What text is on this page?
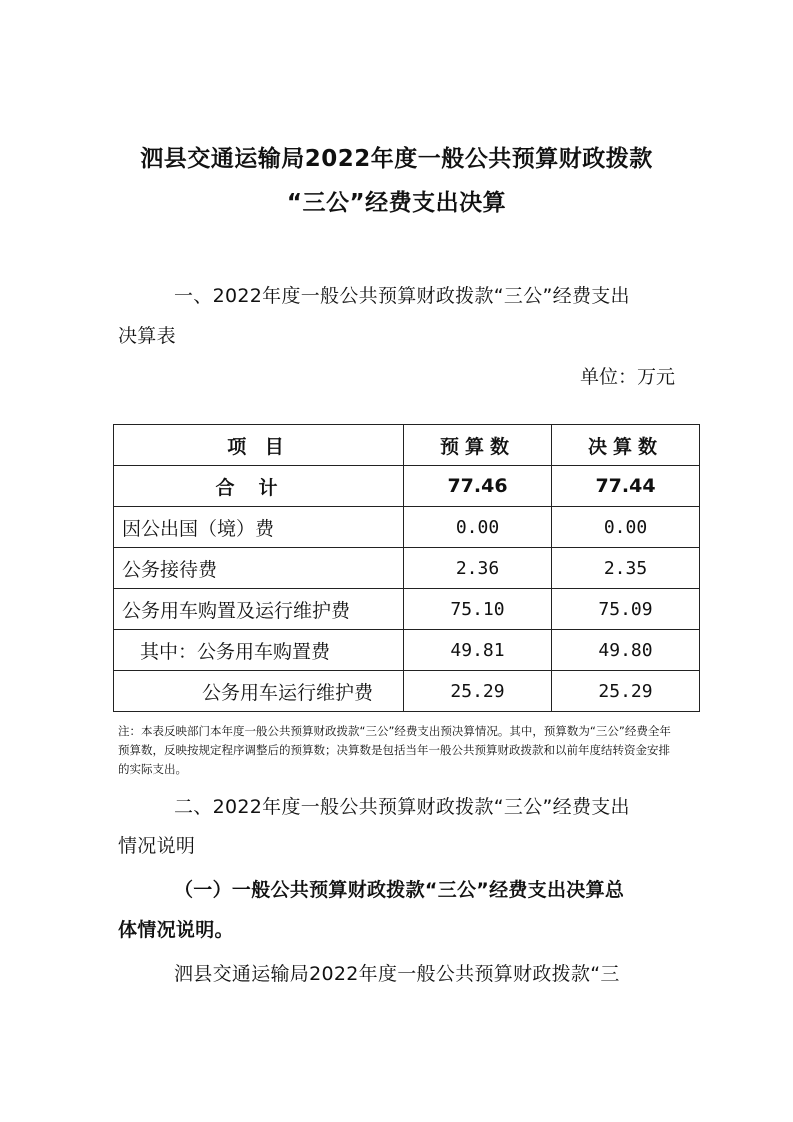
泗县交通运输局2022年度一般公共预算财政拨款
“三公”经费支出决算
一、2022年度一般公共预算财政拨款“三公”经费支出
决算表
单位：万元
项 目	预算数	决算数
合计	77.46	77.44
因公出国（境）费	0.00	0.00
公务接待费	2.36	2.35
公务用车购置及运行维护费	75.10	75.09
其中：公务用车购置费	49.81	49.80
公务用车运行维护费	25.29	25.29
注：本表反映部门本年度一般公共预算财政拨款“三公”经费支出预决算情况。其中，预算数为“三公”经费全年预算数，反映按规定程序调整后的预算数；决算数是包括当年一般公共预算财政拨款和以前年度结转资金安排的实际支出。
二、2022年度一般公共预算财政拨款“三公”经费支出
情况说明
（一）一般公共预算财政拨款“三公”经费支出决算总
体情况说明。
泗县交通运输局2022年度一般公共预算财政拨款“三
